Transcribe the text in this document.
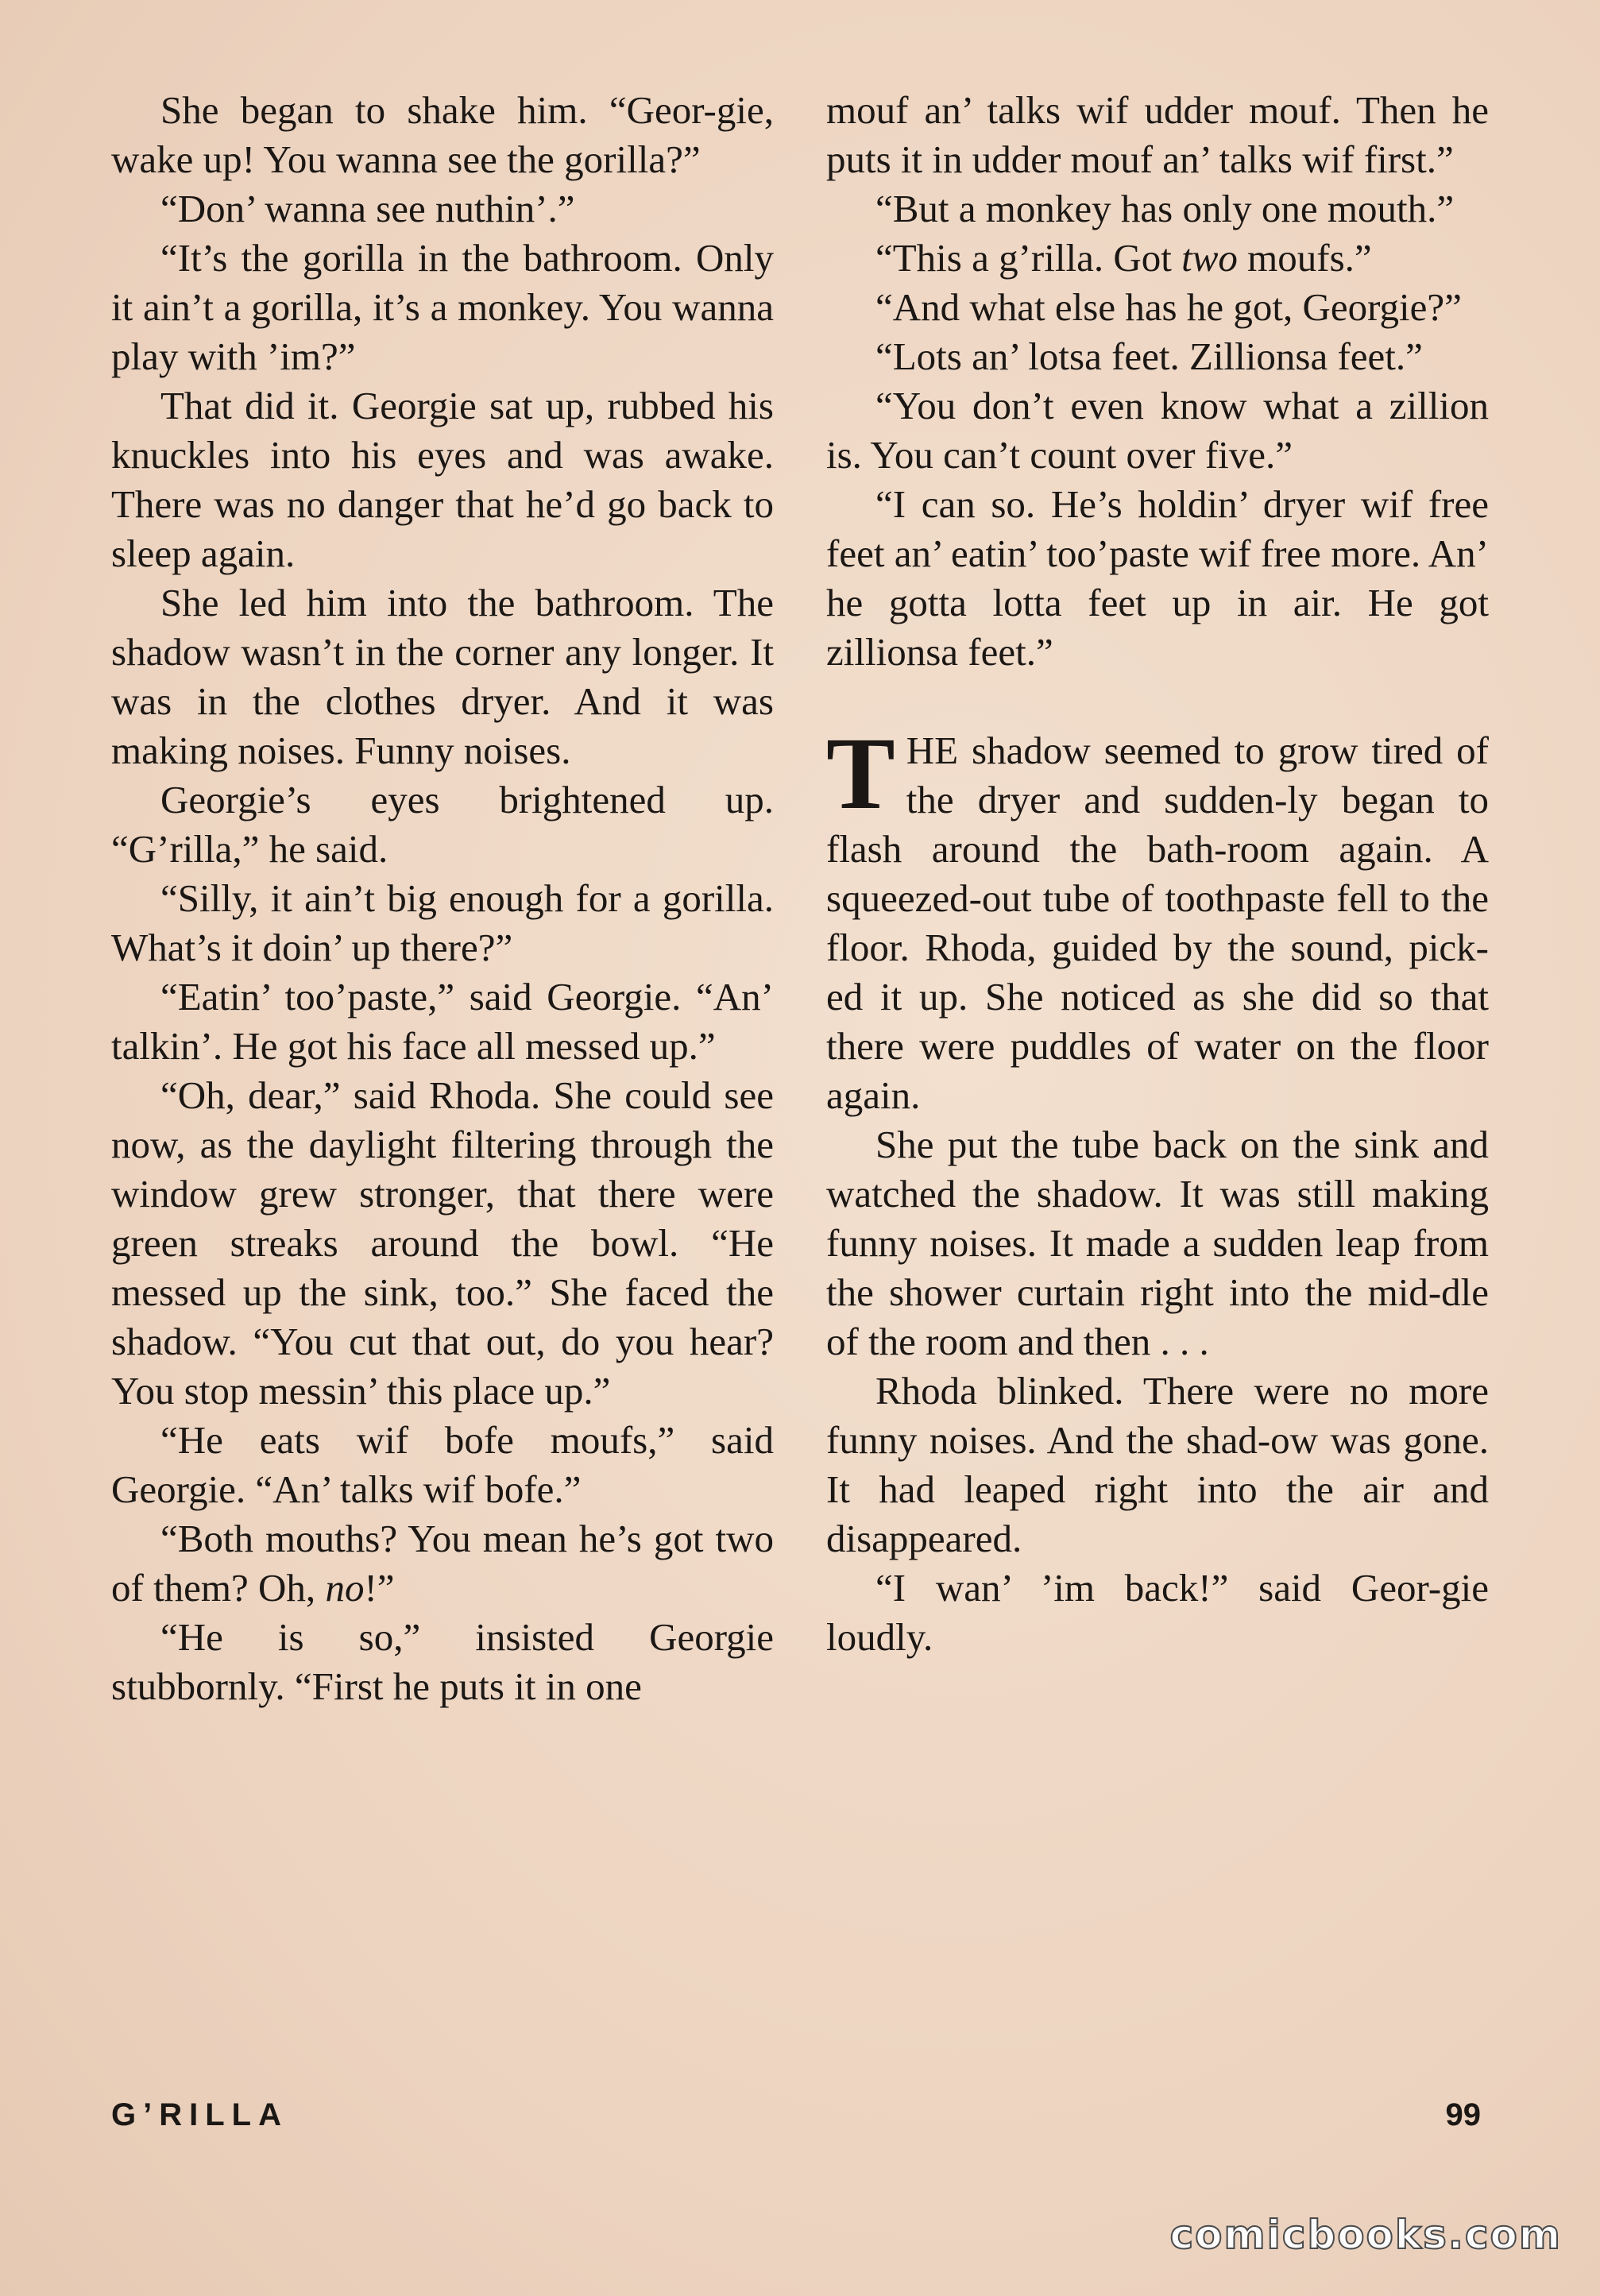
She began to shake him. “Geor-gie, wake up! You wanna see the gorilla?”

“Don’ wanna see nuthin’.”

“It’s the gorilla in the bathroom. Only it ain’t a gorilla, it’s a monkey. You wanna play with ’im?”

That did it. Georgie sat up, rubbed his knuckles into his eyes and was awake. There was no danger that he’d go back to sleep again.

She led him into the bathroom. The shadow wasn’t in the corner any longer. It was in the clothes dryer. And it was making noises. Funny noises.

Georgie’s eyes brightened up. “G’rilla,” he said.

“Silly, it ain’t big enough for a gorilla. What’s it doin’ up there?”

“Eatin’ too’paste,” said Georgie. “An’ talkin’. He got his face all messed up.”

“Oh, dear,” said Rhoda. She could see now, as the daylight filtering through the window grew stronger, that there were green streaks around the bowl. “He messed up the sink, too.” She faced the shadow. “You cut that out, do you hear? You stop messin’ this place up.”

“He eats wif bofe moufs,” said Georgie. “An’ talks wif bofe.”

“Both mouths? You mean he’s got two of them? Oh, no!”

“He is so,” insisted Georgie stubbornly. “First he puts it in one

mouf an’ talks wif udder mouf. Then he puts it in udder mouf an’ talks wif first.”

“But a monkey has only one mouth.”

“This a g’rilla. Got two moufs.”

“And what else has he got, Georgie?”

“Lots an’ lotsa feet. Zillionsa feet.”

“You don’t even know what a zillion is. You can’t count over five.”

“I can so. He’s holdin’ dryer wif free feet an’ eatin’ too’paste wif free more. An’ he gotta lotta feet up in air. He got zillionsa feet.”

THE shadow seemed to grow tired of the dryer and sudden-ly began to flash around the bath-room again. A squeezed-out tube of toothpaste fell to the floor. Rhoda, guided by the sound, pick-ed it up. She noticed as she did so that there were puddles of water on the floor again.

She put the tube back on the sink and watched the shadow. It was still making funny noises. It made a sudden leap from the shower curtain right into the mid-dle of the room and then . . .

Rhoda blinked. There were no more funny noises. And the shad-ow was gone. It had leaped right into the air and disappeared.

“I wan’ ’im back!” said Geor-gie loudly.

G’RILLA	99
comicbooks.com
